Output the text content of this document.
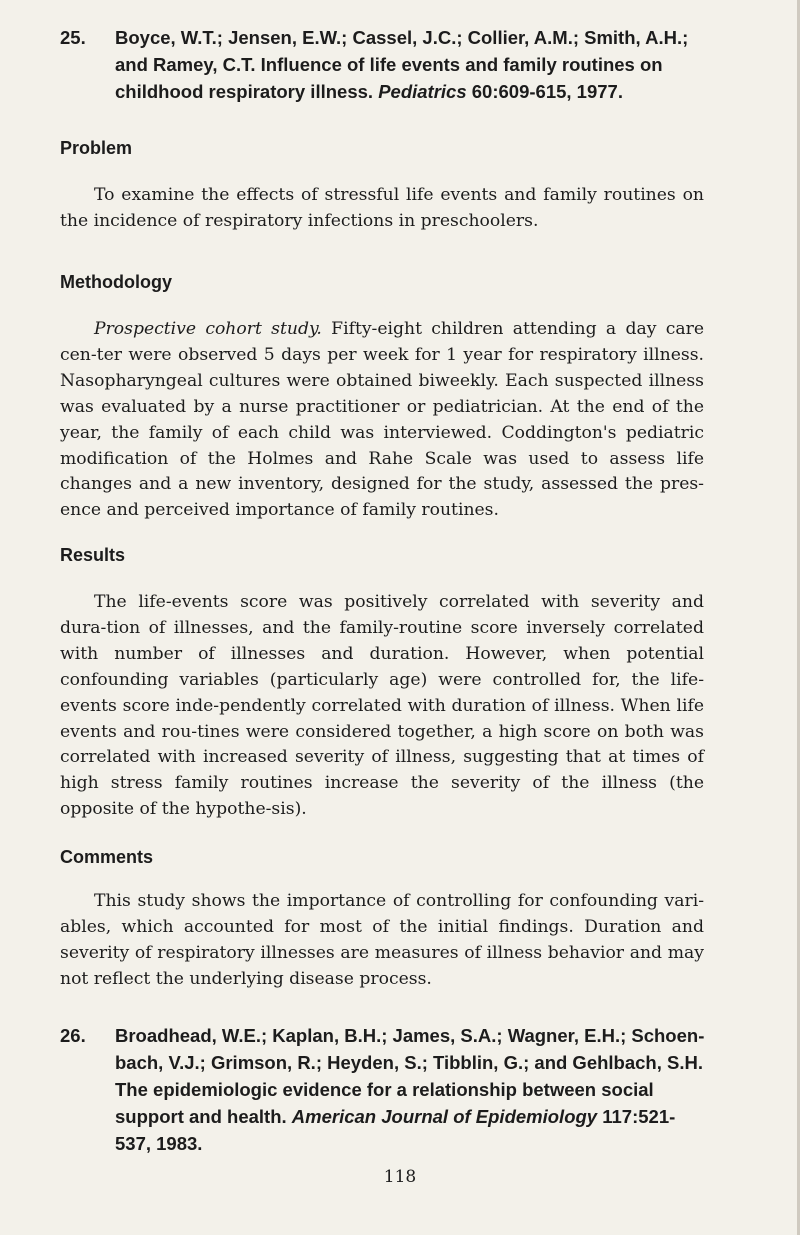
25. Boyce, W.T.; Jensen, E.W.; Cassel, J.C.; Collier, A.M.; Smith, A.H.; and Ramey, C.T. Influence of life events and family routines on childhood respiratory illness. Pediatrics 60:609-615, 1977.
Problem

To examine the effects of stressful life events and family routines on the incidence of respiratory infections in preschoolers.

Methodology

Prospective cohort study. Fifty-eight children attending a day care cen-ter were observed 5 days per week for 1 year for respiratory illness. Nasopharyngeal cultures were obtained biweekly. Each suspected illness was evaluated by a nurse practitioner or pediatrician. At the end of the year, the family of each child was interviewed. Coddington's pediatric modification of the Holmes and Rahe Scale was used to assess life changes and a new inventory, designed for the study, assessed the pres-ence and perceived importance of family routines.

Results

The life-events score was positively correlated with severity and dura-tion of illnesses, and the family-routine score inversely correlated with number of illnesses and duration. However, when potential confounding variables (particularly age) were controlled for, the life-events score inde-pendently correlated with duration of illness. When life events and rou-tines were considered together, a high score on both was correlated with increased severity of illness, suggesting that at times of high stress family routines increase the severity of the illness (the opposite of the hypothe-sis).

Comments

This study shows the importance of controlling for confounding vari-ables, which accounted for most of the initial findings. Duration and severity of respiratory illnesses are measures of illness behavior and may not reflect the underlying disease process.

26. Broadhead, W.E.; Kaplan, B.H.; James, S.A.; Wagner, E.H.; Schoen-bach, V.J.; Grimson, R.; Heyden, S.; Tibblin, G.; and Gehlbach, S.H. The epidemiologic evidence for a relationship between social support and health. American Journal of Epidemiology 117:521-537, 1983.
118
